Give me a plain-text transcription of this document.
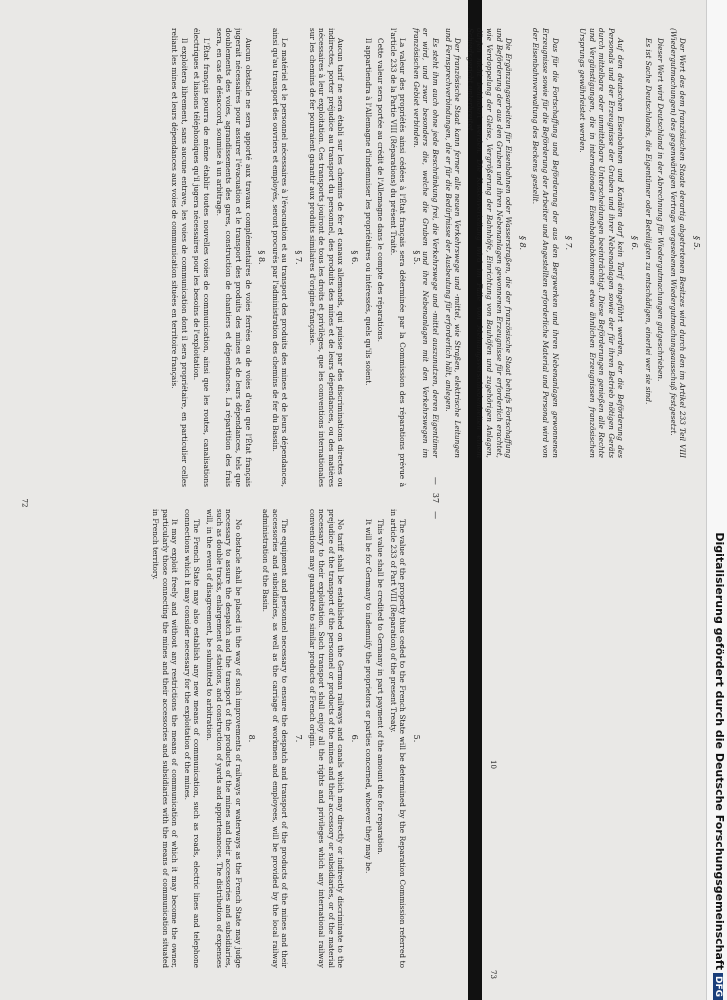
—
37
—
§ 5.

La valeur des propriétés ainsi cédées à l'État français sera déterminée par la Commission des réparations prévue à l'article 233 de la Partie VIII (Réparations) du présent Traité.

Cette valeur sera portée au crédit de l'Allemagne dans le compte des réparations.

Il appartiendra à l'Allemagne d'indemniser les propriétaires ou intéressés, quels qu'ils soient.

§ 6.

Aucun tarif ne sera établi sur les chemins de fer et canaux allemands, qui puisse par des discriminations directes ou indirectes, porter préjudice au transport du personnel, des produits des mines et de leurs dépendances, ou des matières nécessaires à leur exploitation. Ces transports jouiront de tous les droits et privilèges, que les conventions internationales sur les chemins de fer pourraient garantir aux produits similaires d'origine française.

§ 7.

Le matériel et le personnel nécessaires à l'évacuation et au transport des produits des mines et de leurs dépendances, ainsi qu'au transport des ouvriers et employés, seront procurés par l'administration des chemins de fer du Bassin.

§ 8.

Aucun obstacle ne sera apporté aux travaux complémentaires de voies ferrées ou de voies d'eau que l'État français jugerait nécessaires pour assurer l'évacuation et le transport des produits des mines et de leurs dépendances, tels que doublements des voies, agrandissements des gares, construction de chantiers et dépendances. La répartition des frais sera, en cas de désaccord, soumise à un arbitrage.

L'État français pourra de même établir toutes nouvelles voies de communication, ainsi que les routes, canalisations électriques et liaisons téléphoniques qu'il jugera nécessaires pour les besoins de l'exploitation.

Il exploitera librement, sans aucune entrave, les voies de communication dont il sera propriétaire, en particulier celles reliant les mines et leurs dépendances aux voies de communication situées en territoire français.

5.

The value of the property thus ceded to the French State will be determined by the Reparation Commission referred to in article 233 of Part VIII (Reparation) of the present Treaty.

This value shall be credited to Germany in part payment of the amount due for reparation.

It will be for Germany to indemnify the proprietors or parties concerned, whoever they may be.

6.

No tariff shall be established on the German railways and canals which may directly or indirectly discriminate to the prejudice of the transport of the personnel or products of the mines and their accessory or subsidiaries, or of the material necessary to their exploitation. Such transport shall enjoy all the rights and privileges which any international railway conventions may guarantee to similar products of French origin.

7.

The equipment and personnel necessary to ensure the despatch and transport of the products of the mines and their accessories and subsidiaries, as well as the carriage of workmen and employees, will be provided by the local railway administration of the Basin.

8.

No obstacle shall be placed in the way of such improvements of railways or waterways as the French State may judge necessary to assure the despatch and the transport of the products of the mines and their accessories and subsidiaries, such as double tracks, enlargement of stations, and construction of yards and appurtenances. The distribution of expenses will, in the event of disagreement, be submitted to arbitration.

The French State may also establish any new means of communication, such as roads, electric lines and telephone connections which it may consider necessary for the exploitation of the mines.

It may exploit freely and without any restrictions the means of communication of which it may become the owner, particularly those connecting the mines and their accessories and subsidiaries with the means of communication situated in French territory.

72
§ 5.

Der Wert des dem französischen Staate derartig abgetretenen Besitzes wird durch den im Artikel 233 Teil VIII (Wiedergutmachungen) des gegenwärtigen Vertrags vorgesehenen Wiedergutmachungsausschuß festgesetzt.

Dieser Wert wird Deutschland in der Abrechnung für Wiedergutmachungen gutgeschrieben.

Es ist Sache Deutschlands, die Eigentümer oder Beteiligten zu entschädigen, einerlei wer sie sind.

§ 6.

Auf den deutschen Eisenbahnen und Kanälen darf kein Tarif eingeführt werden, der die Beförderung des Personals und der Erzeugnisse der Gruben und ihrer Nebenanlagen sowie der für ihren Betrieb nötigen Geräts durch mittelbare oder unmittelbare Unterscheidungen beeinträchtigt. Diese Beförderungen genießen alle Rechte und Vergünstigungen, die in internationalen Eisenbahnabkommen etwa ähnlichen Erzeugnissen französischen Ursprungs gewährleistet werden.

§ 7.

Das für die Fortschaffung und Beförderung der aus den Bergwerken und ihren Nebenanlagen gewonnenen Erzeugnisse sowie für die Beförderung der Arbeiter und Angestellten erforderliche Material und Personal wird von der Eisenbahnverwaltung des Beckens gestellt.

§ 8.

Die Ergänzungsarbeiten für Eisenbahnen oder Wasserstraßen, die der französische Staat behufs Fortschaffung und Beförderung der aus den Gruben und ihren Nebenanlagen gewonnenen Erzeugnisse für erforderlich erachtet, wie Verdoppelung der Gleise, Vergrößerung der Bahnhöfe, Einrichtung von Bauhöfen und zugehörigen Anlagen, dürfen nicht behindert werden. Die Kostenverteilung wird im Falle von Meinungsverschiedenheiten einem Schiedsgericht unterbreitet.

Der französische Staat kann ferner alle neuen Verkehrswege und -mittel, wie Straßen, elektrische Leitungen und Fernsprechverbindungen, die er für die Bedürfnisse der Ausbeutung für erforderlich hält, anlegen.

Es steht ihm auch ohne jede Beschränkung frei, die Verkehrswege und -mittel auszunutzen, deren Eigentümer er wird, und zwar besonders die, welche die Gruben und ihre Nebenanlagen mit den Verkehrswegen im französischen Gebiet verbinden.

73
10	Digitalisierung gefördert durch die Deutsche ForschungsgemeinschaftDFG
